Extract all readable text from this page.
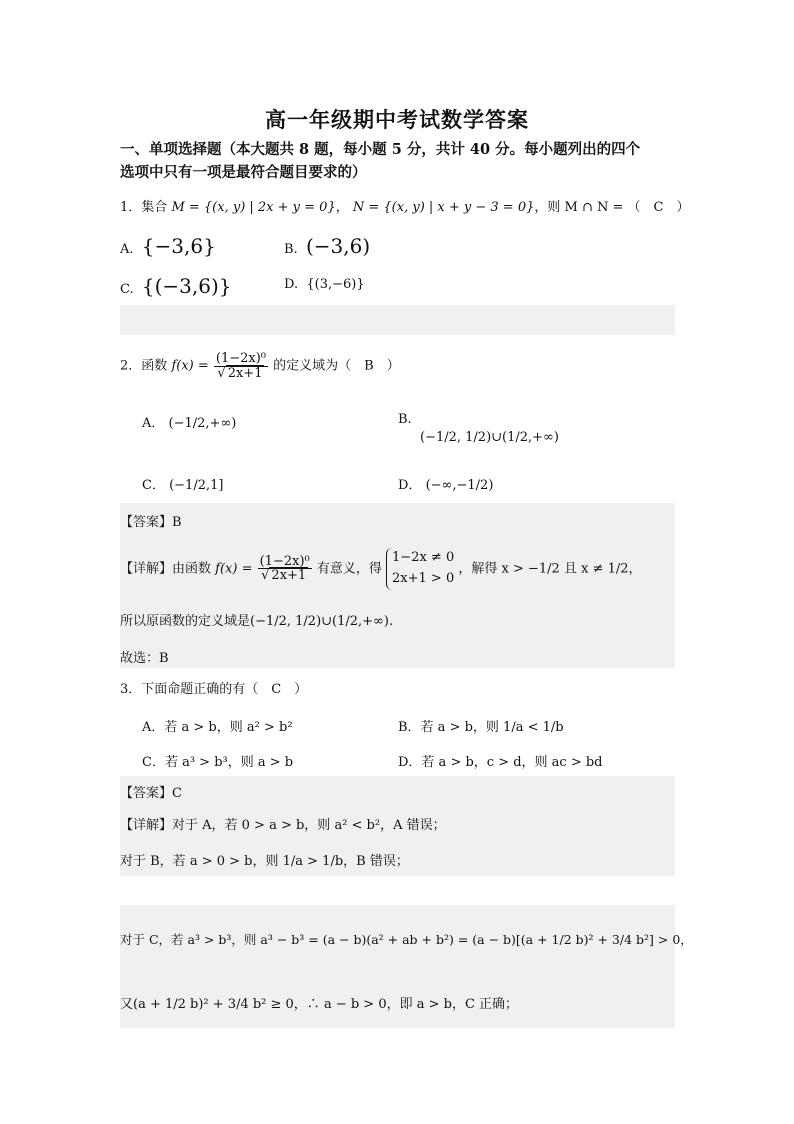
高一年级期中考试数学答案
一、单项选择题（本大题共 8 题，每小题 5 分，共计 40 分。每小题列出的四个
选项中只有一项是最符合题目要求的）
1．集合 M = {(x, y) | 2x + y = 0}， N = {(x, y) | x + y − 3 = 0}，则 M ∩ N = （　C　）
A. {−3,6}	B. (−3,6)
C. {(−3,6)}	D. {(3,−6)}
2．函数 $f(x) = \frac{\text{(1−2x)⁰}}{√ 2x+1}$ 的定义域为（　B　）
A． (−1/2,+∞)	B.
(−1/2, 1/2)∪(1/2,+∞)
C． (−1/2,1]	D． (−∞,−1/2)
【答案】B
【详解】由函数 $f(x) = \frac{\text{(1−2x)⁰}}{√ 2x+1}$ 有意义，得
1−2x ≠ 0
2x+1 > 0
，解得 x > −1/2 且 x ≠ 1/2，
所以原函数的定义域是(−1/2, 1/2)∪(1/2,+∞).
故选：B
3．下面命题正确的有（　C　）
A．若 a > b，则 a² > b²	B．若 a > b，则 1/a < 1/b
C．若 a³ > b³，则 a > b	D．若 a > b，c > d，则 ac > bd
【答案】C
【详解】对于 A，若 0 > a > b，则 a² < b²，A 错误；
对于 B，若 a > 0 > b，则 1/a > 1/b，B 错误；
对于 C，若 a³ > b³，则 a³ − b³ = (a − b)(a² + ab + b²) = (a − b)[(a + 1/2 b)² + 3/4 b²] > 0，
又(a + 1/2 b)² + 3/4 b² ≥ 0，∴ a − b > 0，即 a > b，C 正确；
